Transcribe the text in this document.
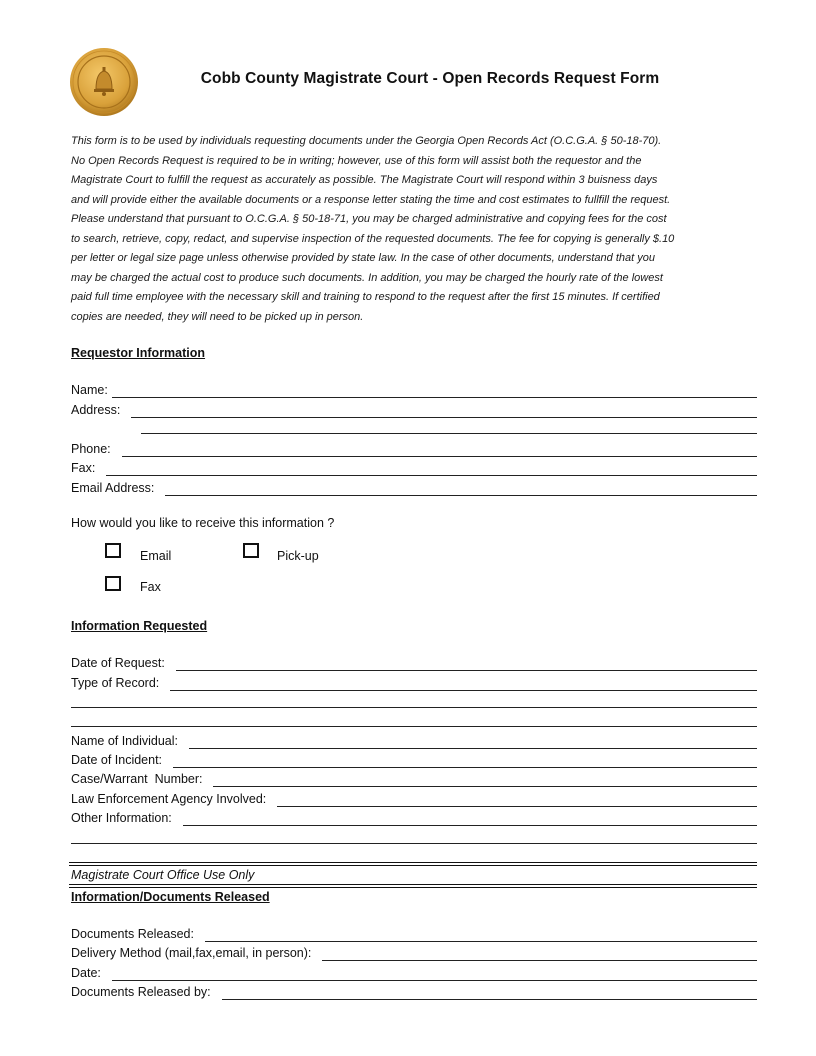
Cobb County Magistrate Court - Open Records Request Form

This form is to be used by individuals requesting documents under the Georgia Open Records Act (O.C.G.A. § 50-18-70).

No Open Records Request is required to be in writing; however, use of this form will assist both the requestor and the

Magistrate Court to fulfill the request as accurately as possible. The Magistrate Court will respond within 3 buisness days

and will provide either the available documents or a response letter stating the time and cost estimates to fullfill the request.

Please understand that pursuant to O.C.G.A. § 50-18-71, you may be charged administrative and copying fees for the cost

to search, retrieve, copy, redact, and supervise inspection of the requested documents. The fee for copying is generally $.10

per letter or legal size page unless otherwise provided by state law. In the case of other documents, understand that you

may be charged the actual cost to produce such documents. In addition, you may be charged the hourly rate of the lowest

paid full time employee with the necessary skill and training to respond to the request after the first 15 minutes. If certified

copies are needed, they will need to be picked up in person.

Requestor Information
Name:
Address:
Phone:
Fax:
Email Address:
How would you like to receive this information ?
Email	Pick-up
Fax
Information Requested
Date of Request:
Type of Record:
Name of Individual:
Date of Incident:
Case/Warrant  Number:
Law Enforcement Agency Involved:
Other Information:
Magistrate Court Office Use Only
Information/Documents Released
Documents Released:
Delivery Method (mail,fax,email, in person):
Date:
Documents Released by:
